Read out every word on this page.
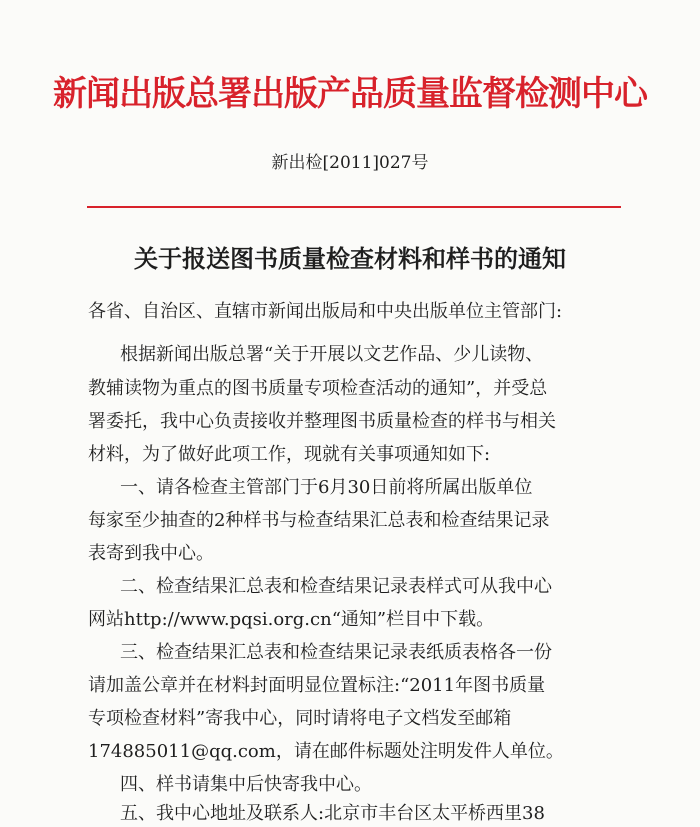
新闻出版总署出版产品质量监督检测中心
新出检[2011]027号
关于报送图书质量检查材料和样书的通知
各省、自治区、直辖市新闻出版局和中央出版单位主管部门:
根据新闻出版总署“关于开展以文艺作品、少儿读物、
教辅读物为重点的图书质量专项检查活动的通知”，并受总
署委托，我中心负责接收并整理图书质量检查的样书与相关
材料，为了做好此项工作，现就有关事项通知如下:
一、请各检查主管部门于6月30日前将所属出版单位
每家至少抽查的2种样书与检查结果汇总表和检查结果记录
表寄到我中心。
二、检查结果汇总表和检查结果记录表样式可从我中心
网站http://www.pqsi.org.cn“通知”栏目中下载。
三、检查结果汇总表和检查结果记录表纸质表格各一份
请加盖公章并在材料封面明显位置标注:“2011年图书质量
专项检查材料”寄我中心，同时请将电子文档发至邮箱
174885011@qq.com，请在邮件标题处注明发件人单位。
四、样书请集中后快寄我中心。
五、我中心地址及联系人:北京市丰台区太平桥西里38
